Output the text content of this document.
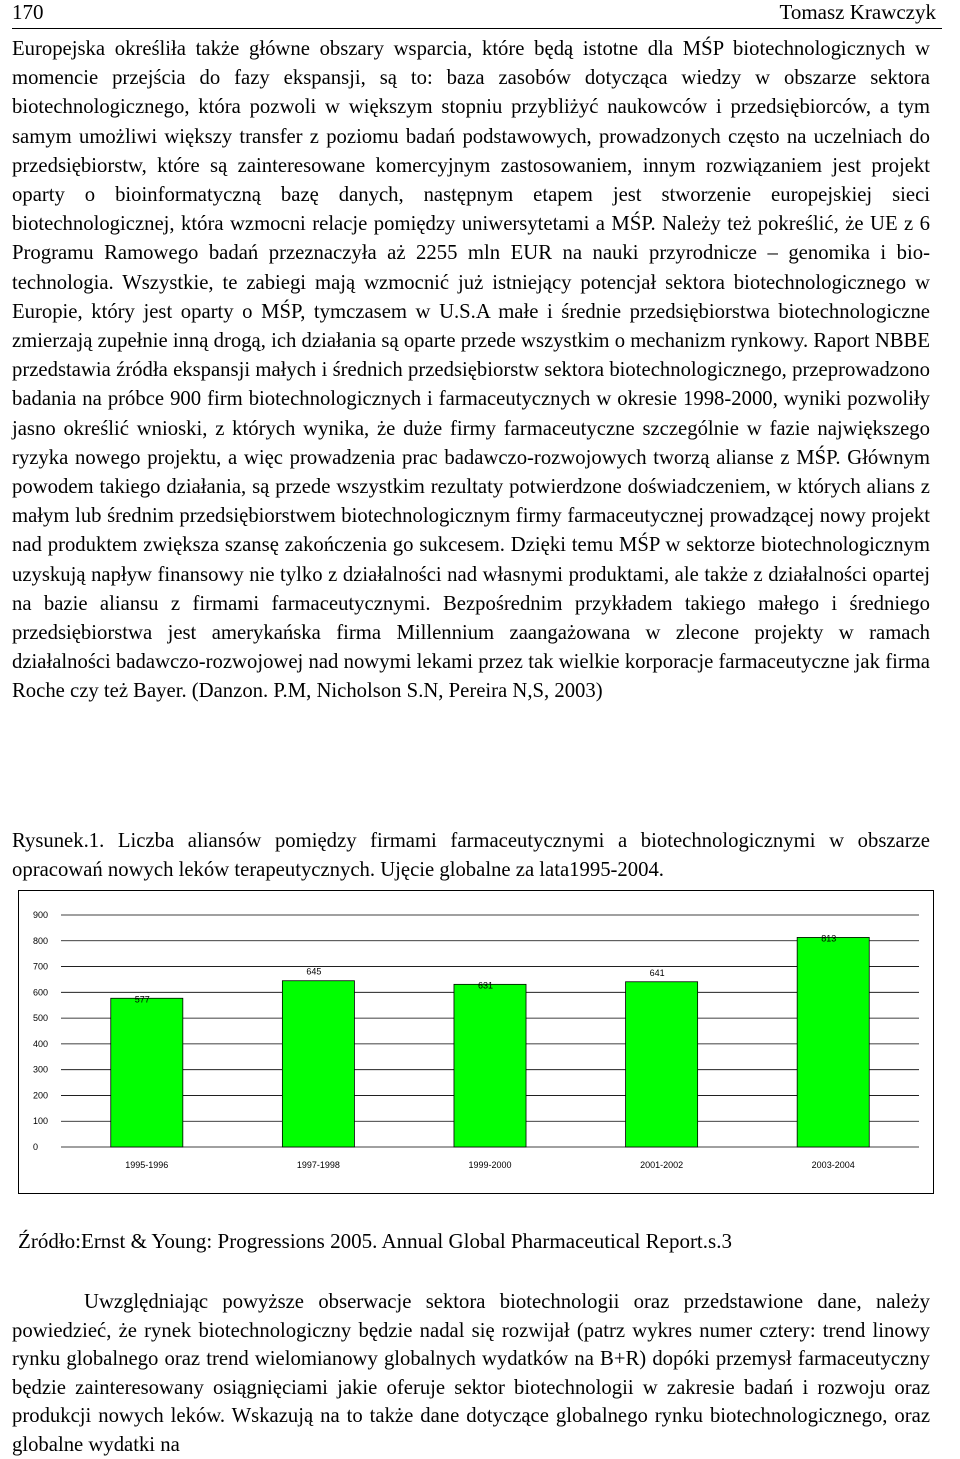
170	Tomasz Krawczyk

Europejska określiła także główne obszary wsparcia, które będą istotne dla MŚP biotechnologicznych w momencie przejścia do fazy ekspansji, są to: baza zasobów dotycząca wiedzy w obszarze sektora biotechnologicznego, która pozwoli w większym stopniu przybliżyć naukowców i przedsiębiorców, a tym samym umożliwi większy transfer z poziomu badań podstawowych, prowadzonych często na uczelniach do przedsiębiorstw, które są zainteresowane komercyjnym zastosowaniem, innym rozwiązaniem jest projekt oparty o bioinformatyczną bazę danych, następnym etapem jest stworzenie europejskiej sieci biotechnologicznej, która wzmocni relacje pomiędzy uniwersytetami a MŚP. Należy też pokreślić, że UE z 6 Programu Ramowego badań przeznaczyła aż 2255 mln EUR na nauki przyrodnicze – genomika i biotechnologia. Wszystkie, te zabiegi mają wzmocnić już istniejący potencjał sektora biotechnologicznego w Europie, który jest oparty o MŚP, tymczasem w U.S.A małe i średnie przedsiębiorstwa biotechnologiczne zmierzają zupełnie inną drogą, ich działania są oparte przede wszystkim o mechanizm rynkowy. Raport NBBE przedstawia źródła ekspansji małych i średnich przedsiębiorstw sektora biotechnologicznego, przeprowadzono badania na próbce 900 firm biotechnologicznych i farmaceutycznych w okresie 1998-2000, wyniki pozwoliły jasno określić wnioski, z których wynika, że duże firmy farmaceutyczne szczególnie w fazie największego ryzyka nowego projektu, a więc prowadzenia prac badawczo-rozwojowych tworzą alianse z MŚP. Głównym powodem takiego działania, są przede wszystkim rezultaty potwierdzone doświadczeniem, w których alians z małym lub średnim przedsiębiorstwem biotechnologicznym firmy farmaceutycznej prowadzącej nowy projekt nad produktem zwiększa szansę zakończenia go sukcesem. Dzięki temu MŚP w sektorze biotechnologicznym uzyskują napływ finansowy nie tylko z działalności nad własnymi produktami, ale także z działalności opartej na bazie aliansu z firmami farmaceutycznymi. Bezpośrednim przykładem takiego małego i średniego przedsiębiorstwa jest amerykańska firma Millennium zaangażowana w zlecone projekty w ramach działalności badawczo-rozwojowej nad nowymi lekami przez tak wielkie korporacje farmaceutyczne jak firma Roche czy też Bayer. (Danzon. P.M, Nicholson S.N, Pereira N,S, 2003)

Rysunek.1. Liczba aliansów pomiędzy firmami farmaceutycznymi a biotechnologicznymi w obszarze opracowań nowych leków terapeutycznych. Ujęcie globalne za lata1995-2004.

0
100
200
300
400
500
600
700
800
900
577
1995-1996
645
1997-1998
631
1999-2000
641
2001-2002
813
2003-2004

Źródło:Ernst & Young: Progressions 2005. Annual Global Pharmaceutical Report.s.3

Uwzględniając powyższe obserwacje sektora biotechnologii oraz przedstawione dane, należy powiedzieć, że rynek biotechnologiczny będzie nadal się rozwijał (patrz wykres numer cztery: trend linowy rynku globalnego oraz trend wielomianowy globalnych wydatków na B+R) dopóki przemysł farmaceutyczny będzie zainteresowany osiągnięciami jakie oferuje sektor biotechnologii w zakresie badań i rozwoju oraz produkcji nowych leków. Wskazują na to także dane dotyczące globalnego rynku biotechnologicznego, oraz globalne wydatki na
